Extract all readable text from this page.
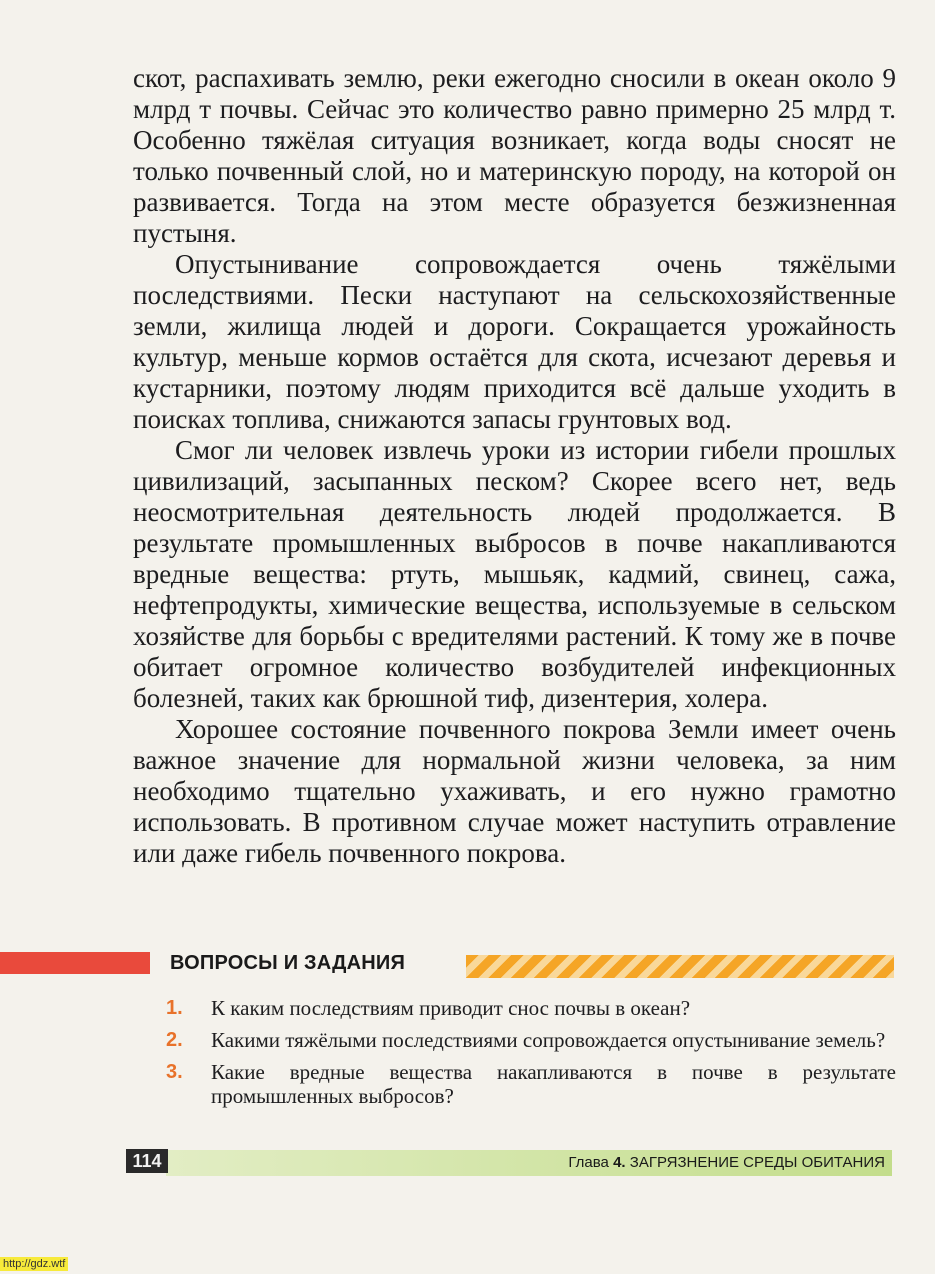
скот, распахивать землю, реки ежегодно сносили в океан около 9 млрд т почвы. Сейчас это количество равно примерно 25 млрд т. Особенно тяжёлая ситуация возникает, когда воды сносят не только почвенный слой, но и материнскую породу, на которой он развивается. Тогда на этом месте образуется безжизненная пустыня.

Опустынивание сопровождается очень тяжёлыми последствиями. Пески наступают на сельскохозяйственные земли, жилища людей и дороги. Сокращается урожайность культур, меньше кормов остаётся для скота, исчезают деревья и кустарники, поэтому людям приходится всё дальше уходить в поисках топлива, снижаются запасы грунтовых вод.

Смог ли человек извлечь уроки из истории гибели прошлых цивилизаций, засыпанных песком? Скорее всего нет, ведь неосмотрительная деятельность людей продолжается. В результате промышленных выбросов в почве накапливаются вредные вещества: ртуть, мышьяк, кадмий, свинец, сажа, нефтепродукты, химические вещества, используемые в сельском хозяйстве для борьбы с вредителями растений. К тому же в почве обитает огромное количество возбудителей инфекционных болезней, таких как брюшной тиф, дизентерия, холера.

Хорошее состояние почвенного покрова Земли имеет очень важное значение для нормальной жизни человека, за ним необходимо тщательно ухаживать, и его нужно грамотно использовать. В противном случае может наступить отравление или даже гибель почвенного покрова.

ВОПРОСЫ И ЗАДАНИЯ
1.	К каким последствиям приводит снос почвы в океан?
2.	Какими тяжёлыми последствиями сопровождается опустынивание земель?
3.	Какие вредные вещества накапливаются в почве в результате промышленных выбросов?
114	Глава 4. ЗАГРЯЗНЕНИЕ СРЕДЫ ОБИТАНИЯ
http://gdz.wtf
